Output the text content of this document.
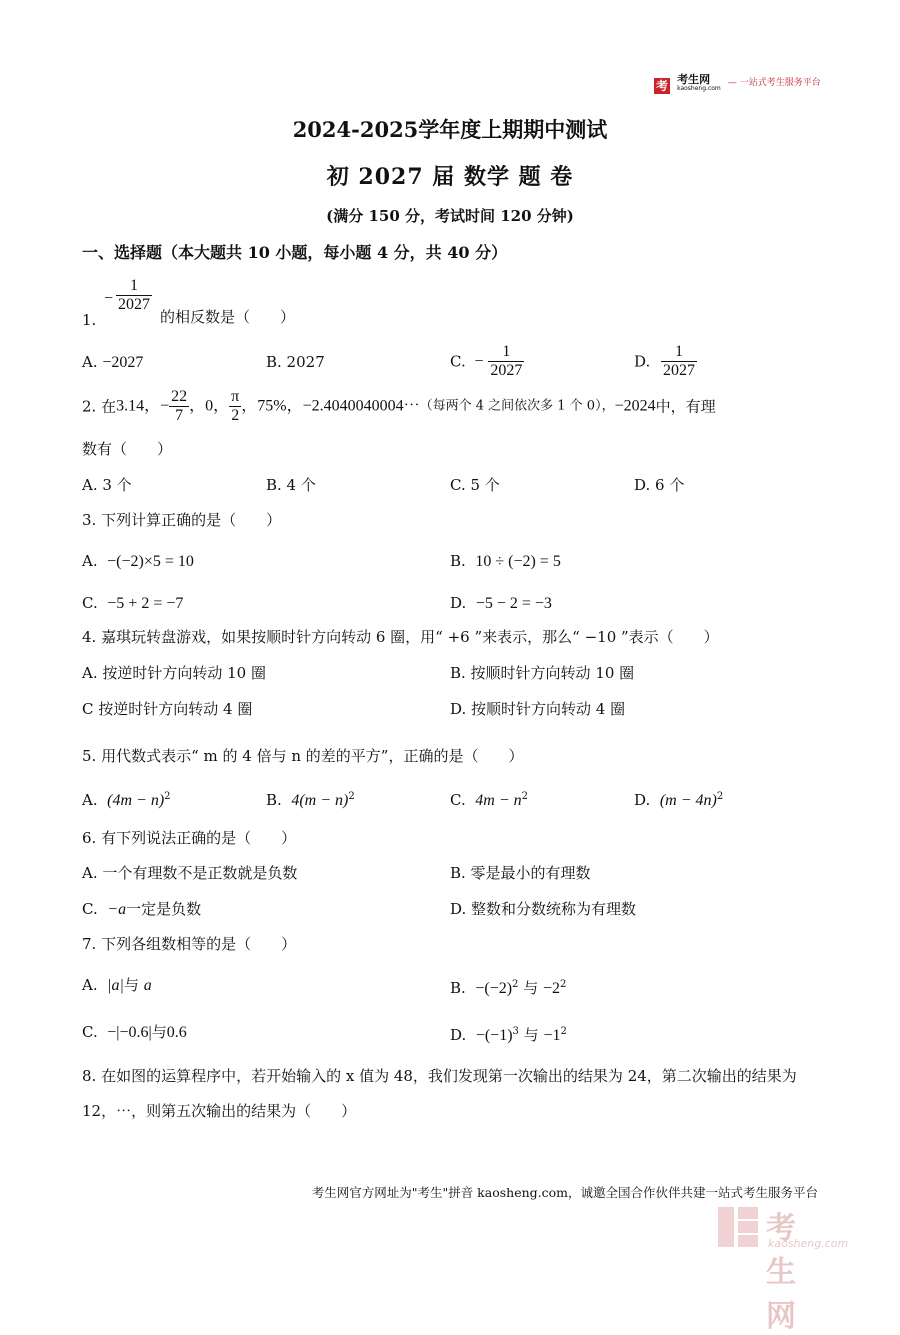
考 考生网
kaosheng.com
$^{— 一站式考生服务平台}$
2024-2025学年度上期期中测试
初 2027 届 数学 题 卷
(满分 150 分，考试时间 120 分钟)
一、选择题（本大题共 10 小题，每小题 4 分，共 40 分）
1.
− $\frac{1}{2027}$
的相反数是（　　）
A. −2027	B. 2027	C. − $\frac{1}{2027}$	D. $\frac{1}{2027}$
2. 在3.14，− $\frac{22}{7}$ ，0， $\frac{\pi}{2}$ ，75%，−2.4040040004⋯（每两个 4 之间依次多 1 个 0），−2024中，有理
数有（　　）
A. 3 个	B. 4 个	C. 5 个	D. 6 个
3. 下列计算正确的是（　　）
A. −(−2)×5 = 10	B. 10 ÷ (−2) = 5
C. −5 + 2 = −7	D. −5 − 2 = −3
4. 嘉琪玩转盘游戏，如果按顺时针方向转动 6 圈，用“ +6 ”来表示，那么“ −10 ”表示（　　）
A. 按逆时针方向转动 10 圈	B. 按顺时针方向转动 10 圈
C 按逆时针方向转动 4 圈	D. 按顺时针方向转动 4 圈
5. 用代数式表示“ m 的 4 倍与 n 的差的平方”，正确的是（　　）
A. $(4m - n)^2$	B. $4(m - n)^2$	C. $4m - n^2$	D. $(m - 4n)^2$
6. 有下列说法正确的是（　　）
A. 一个有理数不是正数就是负数	B. 零是最小的有理数
C. −a一定是负数	D. 整数和分数统称为有理数
7. 下列各组数相等的是（　　）
A. |a|与 a	B. $-(-2)^2$ 与 $-2^2$
C. −|−0.6|与0.6	D. $-(-1)^3$ 与 $-1^2$
8. 在如图的运算程序中，若开始输入的 x 值为 48，我们发现第一次输出的结果为 24，第二次输出的结果为
12，⋯，则第五次输出的结果为（　　）
考生网官方网址为"考生"拼音 kaosheng.com，诚邀全国合作伙伴共建一站式考生服务平台
考生网
kaosheng.com
